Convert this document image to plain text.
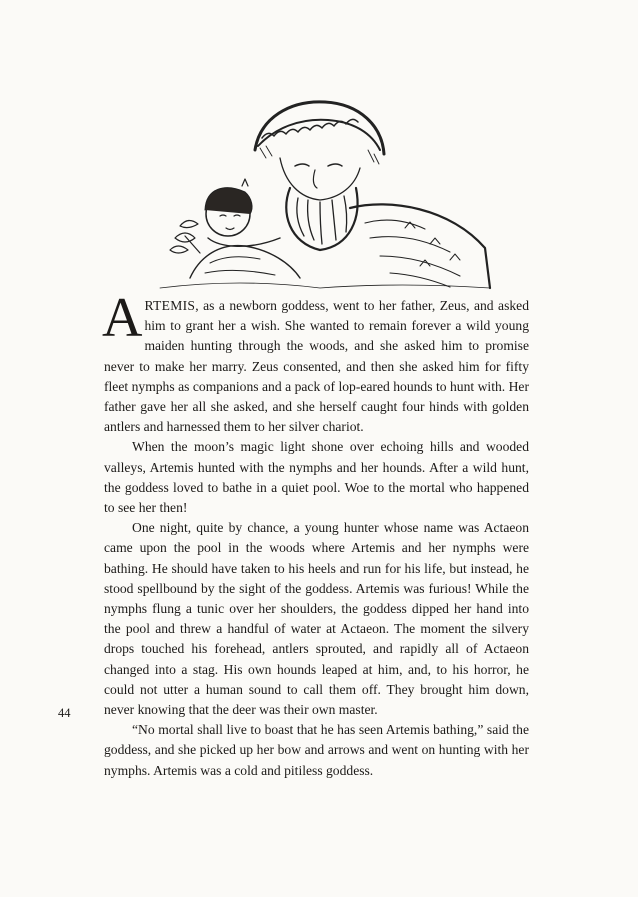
ARTEMIS, as a newborn goddess, went to her father, Zeus, and asked him to grant her a wish. She wanted to remain forever a wild young maiden hunting through the woods, and she asked him to promise never to make her marry. Zeus consented, and then she asked him for fifty fleet nymphs as companions and a pack of lop-eared hounds to hunt with. Her father gave her all she asked, and she herself caught four hinds with golden antlers and harnessed them to her silver chariot.

When the moon’s magic light shone over echoing hills and wooded valleys, Artemis hunted with the nymphs and her hounds. After a wild hunt, the goddess loved to bathe in a quiet pool. Woe to the mortal who happened to see her then!

One night, quite by chance, a young hunter whose name was Actaeon came upon the pool in the woods where Artemis and her nymphs were bathing. He should have taken to his heels and run for his life, but instead, he stood spellbound by the sight of the goddess. Artemis was furious! While the nymphs flung a tunic over her shoulders, the goddess dipped her hand into the pool and threw a handful of water at Actaeon. The moment the silvery drops touched his forehead, antlers sprouted, and rapidly all of Actaeon changed into a stag. His own hounds leaped at him, and, to his horror, he could not utter a human sound to call them off. They brought him down, never knowing that the deer was their own master.

“No mortal shall live to boast that he has seen Artemis bathing,” said the goddess, and she picked up her bow and arrows and went on hunting with her nymphs. Artemis was a cold and pitiless goddess.

44
